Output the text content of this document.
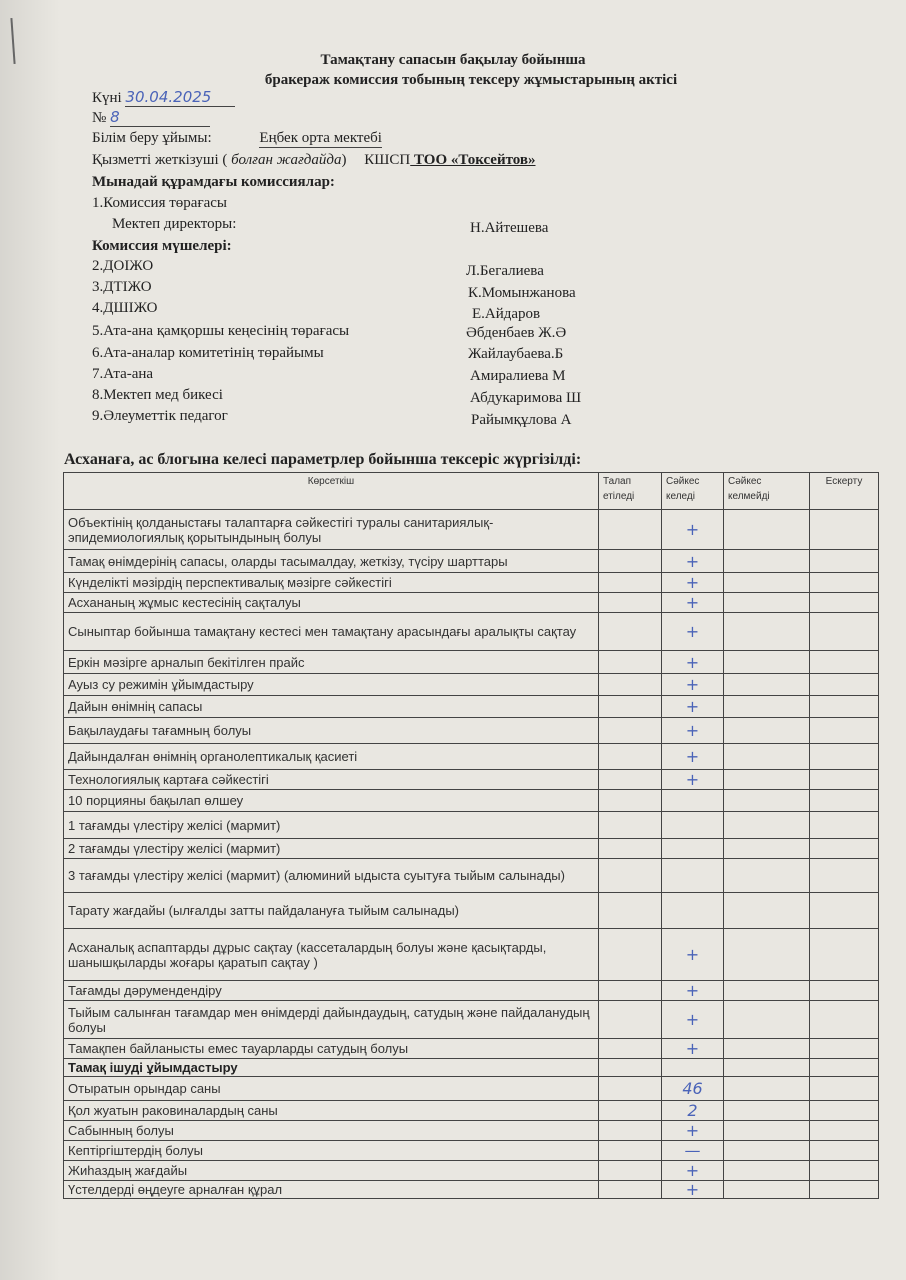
Тамақтану сапасын бақылау бойынша
бракераж комиссия тобының тексеру жұмыстарының актісі
Күні 30.04.2025
№ 8
Білім беру ұйымы:	Еңбек орта мектебі
Қызметті жеткізуші ( болған жағдайда) КШСП ТОО «Токсейтов»
Мынадай құрамдағы комиссиялар:
1.Комиссия төрағасы
Мектеп директоры:	Н.Айтешева
Комиссия мүшелері:
2.ДОІЖО	Л.Бегалиева
3.ДТІЖО	К.Момынжанова
4.ДШІЖО	Е.Айдаров
5.Ата-ана қамқоршы кеңесінің төрағасы	Әбденбаев Ж.Ә
6.Ата-аналар комитетінің төрайымы	Жайлаубаева.Б
7.Ата-ана	Амиралиева М
8.Мектеп мед бикесі	Абдукаримова Ш
9.Әлеуметтік педагог	Райымқұлова А
Асханаға, ас блогына келесі параметрлер бойынша тексеріс жүргізілді:
Көрсеткіш	Талап етіледі	Сәйкес келеді	Сәйкес келмейді	Ескерту
Объектінің қолданыстағы талаптарға сәйкестігі туралы санитариялық-эпидемиологиялық қорытындының болуы		+		
Тамақ өнімдерінің сапасы, оларды тасымалдау, жеткізу, түсіру шарттары		+		
Күнделікті мәзірдің перспективалық мәзірге сәйкестігі		+		
Асхананың жұмыс кестесінің сақталуы		+		
Сыныптар бойынша тамақтану кестесі мен тамақтану арасындағы аралықты сақтау		+		
Еркін мәзірге арналып бекітілген прайс		+		
Ауыз су режимін ұйымдастыру		+		
Дайын өнімнің сапасы		+		
Бақылаудағы тағамның болуы		+		
Дайындалған өнімнің органолептикалық қасиеті		+		
Технологиялық картаға сәйкестігі		+		
10 порцияны бақылап өлшеу				
1 тағамды үлестіру желісі (мармит)				
2 тағамды үлестіру желісі (мармит)				
3 тағамды үлестіру желісі (мармит) (алюминий ыдыста суытуға тыйым салынады)				
Тарату жағдайы (ылғалды затты пайдалануға тыйым салынады)				
Асханалық аспаптарды дұрыс сақтау (кассеталардың болуы және қасықтарды, шанышқыларды жоғары қаратып сақтау )		+		
Тағамды дәрумендендіру		+		
Тыйым салынған тағамдар мен өнімдерді дайындаудың, сатудың және пайдаланудың болуы		+		
Тамақпен байланысты емес тауарларды сатудың болуы		+		
Тамақ ішуді ұйымдастыру				
Отыратын орындар саны		46		
Қол жуатын раковиналардың саны		2		
Сабынның болуы		+		
Кептіргіштердің болуы		—		
Жиһаздың жағдайы		+		
Үстелдерді өңдеуге арналған құрал		+		
